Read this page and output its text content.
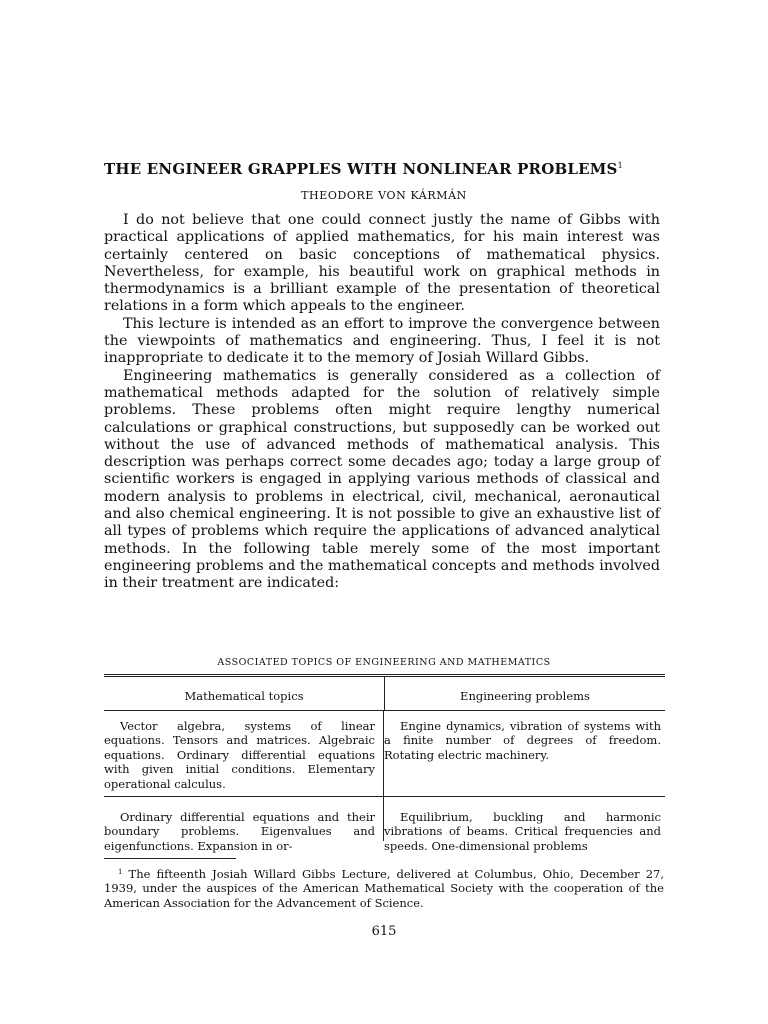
THE ENGINEER GRAPPLES WITH NONLINEAR PROBLEMS$^1$
THEODORE VON KÁRMÁN

I do not believe that one could connect justly the name of Gibbs with practical applications of applied mathematics, for his main interest was certainly centered on basic conceptions of mathematical physics. Nevertheless, for example, his beautiful work on graphical methods in thermodynamics is a brilliant example of the presentation of theoretical relations in a form which appeals to the engineer.

This lecture is intended as an effort to improve the convergence between the viewpoints of mathematics and engineering. Thus, I feel it is not inappropriate to dedicate it to the memory of Josiah Willard Gibbs.

Engineering mathematics is generally considered as a collection of mathematical methods adapted for the solution of relatively simple problems. These problems often might require lengthy numerical calculations or graphical constructions, but supposedly can be worked out without the use of advanced methods of mathematical analysis. This description was perhaps correct some decades ago; today a large group of scientific workers is engaged in applying various methods of classical and modern analysis to problems in electrical, civil, mechanical, aeronautical and also chemical engineering. It is not possible to give an exhaustive list of all types of problems which require the applications of advanced analytical methods. In the following table merely some of the most important engineering problems and the mathematical concepts and methods involved in their treatment are indicated:

ASSOCIATED TOPICS OF ENGINEERING AND MATHEMATICS
Mathematical topics	Engineering problems
Vector algebra, systems of linear equations. Tensors and matrices. Algebraic equations. Ordinary differential equations with given initial conditions. Elementary operational calculus.
Engine dynamics, vibration of systems with a finite number of degrees of freedom. Rotating electric machinery.
Ordinary differential equations and their boundary problems. Eigenvalues and eigenfunctions. Expansion in or-
Equilibrium, buckling and harmonic vibrations of beams. Critical frequencies and speeds. One-dimensional problems
$^1$ The fifteenth Josiah Willard Gibbs Lecture, delivered at Columbus, Ohio, December 27, 1939, under the auspices of the American Mathematical Society with the cooperation of the American Association for the Advancement of Science.
615
